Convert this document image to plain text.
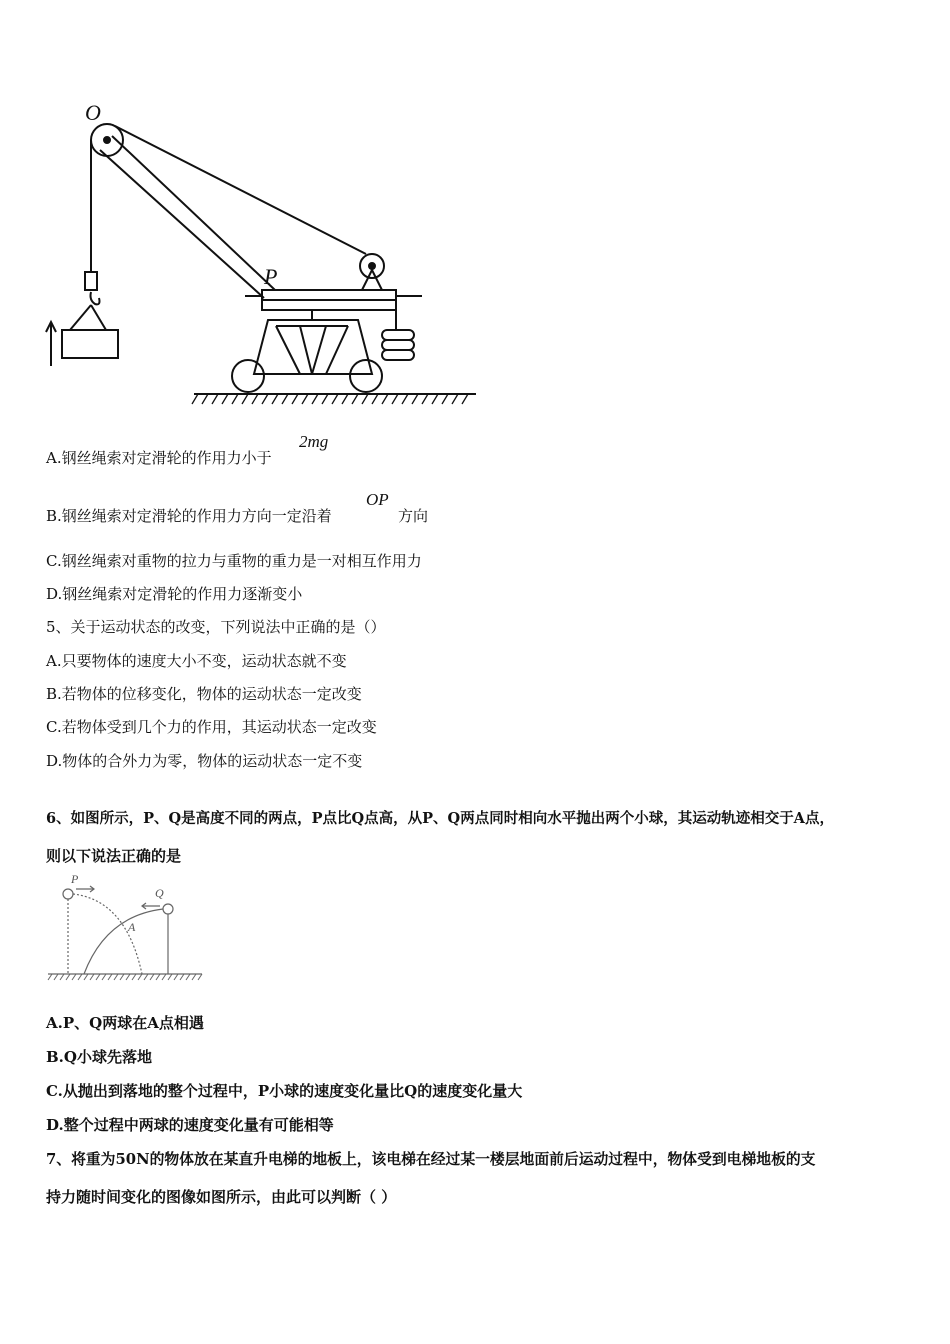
O
P
A.钢丝绳索对定滑轮的作用力小于
2mg
B.钢丝绳索对定滑轮的作用力方向一定沿着
OP
方向
C.钢丝绳索对重物的拉力与重物的重力是一对相互作用力
D.钢丝绳索对定滑轮的作用力逐渐变小
5、关于运动状态的改变，下列说法中正确的是（）
A.只要物体的速度大小不变，运动状态就不变
B.若物体的位移变化，物体的运动状态一定改变
C.若物体受到几个力的作用，其运动状态一定改变
D.物体的合外力为零，物体的运动状态一定不变
6、如图所示，P、Q是高度不同的两点，P点比Q点高，从P、Q两点同时相向水平抛出两个小球，其运动轨迹相交于A点，
则以下说法正确的是
P
Q
A
A.P、Q两球在A点相遇
B.Q小球先落地
C.从抛出到落地的整个过程中，P小球的速度变化量比Q的速度变化量大
D.整个过程中两球的速度变化量有可能相等
7、将重为50N的物体放在某直升电梯的地板上，该电梯在经过某一楼层地面前后运动过程中，物体受到电梯地板的支
持力随时间变化的图像如图所示，由此可以判断（ ）
